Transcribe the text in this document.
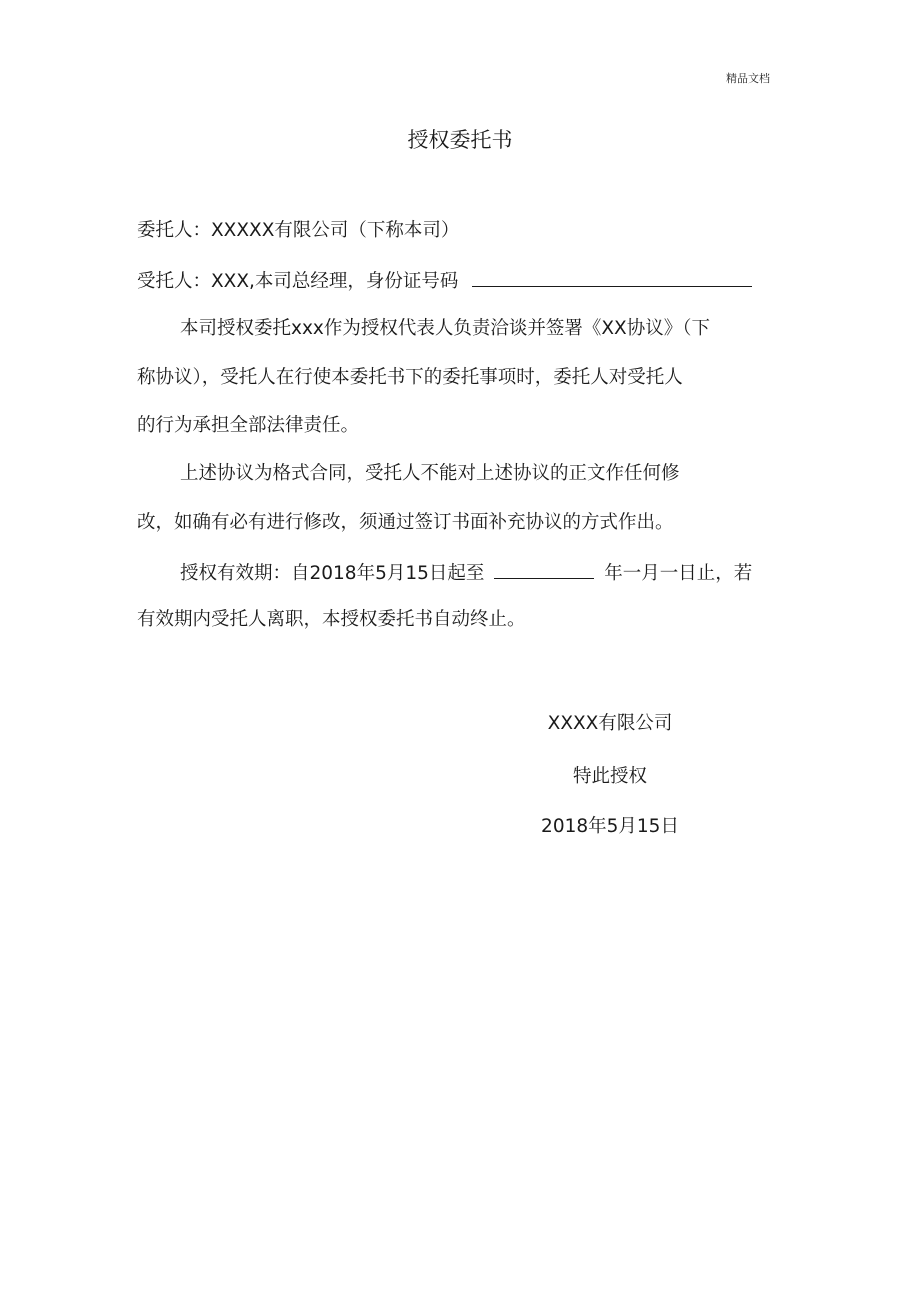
精品文档
授权委托书
委托人：XXXXX有限公司（下称本司）
受托人：XXX,本司总经理，身份证号码
本司授权委托xxx作为授权代表人负责洽谈并签署《XX协议》（下
称协议），受托人在行使本委托书下的委托事项时，委托人对受托人
的行为承担全部法律责任。
上述协议为格式合同，受托人不能对上述协议的正文作任何修
改，如确有必有进行修改，须通过签订书面补充协议的方式作出。
授权有效期：自2018年5月15日起至	年一月一日止，若
有效期内受托人离职，本授权委托书自动终止。
XXXX有限公司
特此授权
2018年5月15日
